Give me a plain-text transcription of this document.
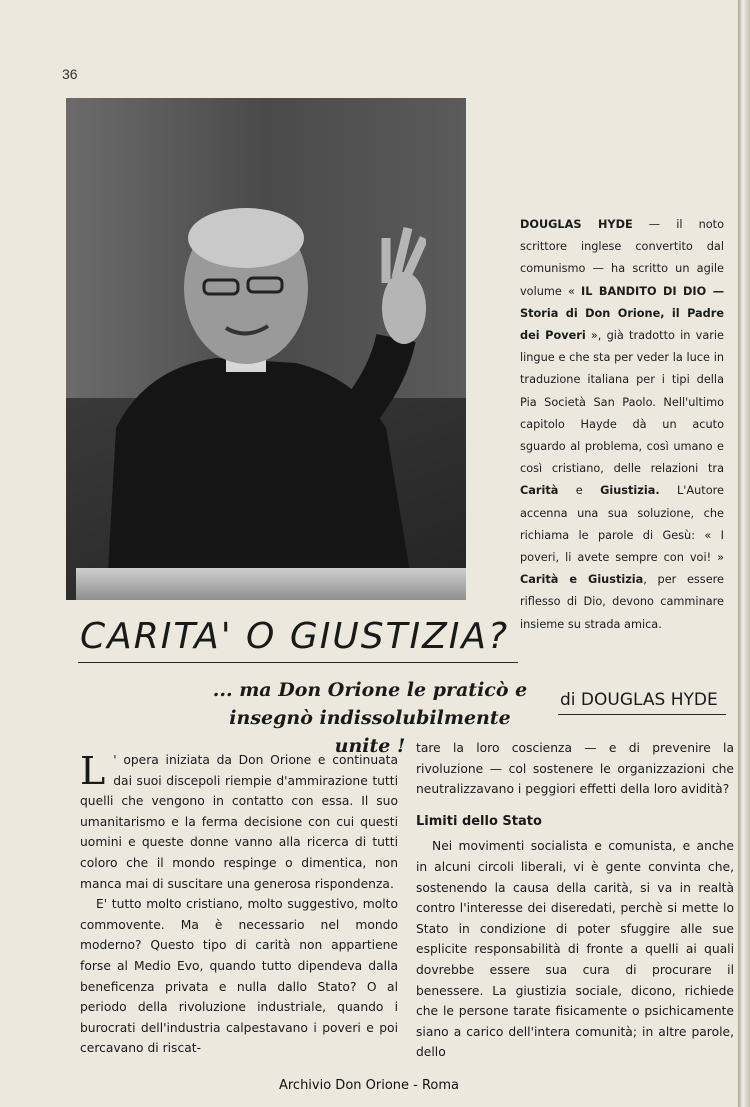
36
DOUGLAS HYDE — il noto scrittore inglese convertito dal comunismo — ha scritto un agile volume « IL BANDITO DI DIO — Storia di Don Orione, il Padre dei Poveri », già tradotto in varie lingue e che sta per veder la luce in traduzione italiana per i tipi della Pia Società San Paolo. Nell'ultimo capitolo Hayde dà un acuto sguardo al problema, così umano e così cristiano, delle relazioni tra Carità e Giustizia. L'Autore accenna una sua soluzione, che richiama le parole di Gesù: « I poveri, li avete sempre con voi! » Carità e Giustizia, per essere riflesso di Dio, devono camminare insieme su strada amica.
CARITA' O GIUSTIZIA?

... ma Don Orione le praticò e insegnò indissolubilmente unite !

di DOUGLAS HYDE

L ' opera iniziata da Don Orione e continuata dai suoi discepoli riempie d'ammirazione tutti quelli che vengono in contatto con essa. Il suo umanitarismo e la ferma decisione con cui questi uomini e queste donne vanno alla ricerca di tutti coloro che il mondo respinge o dimentica, non manca mai di suscitare una generosa rispondenza.

E' tutto molto cristiano, molto suggestivo, molto commovente. Ma è necessario nel mondo moderno? Questo tipo di carità non appartiene forse al Medio Evo, quando tutto dipendeva dalla beneficenza privata e nulla dallo Stato? O al periodo della rivoluzione industriale, quando i burocrati dell'industria calpestavano i poveri e poi cercavano di riscat-

tare la loro coscienza — e di prevenire la rivoluzione — col sostenere le organizzazioni che neutralizzavano i peggiori effetti della loro avidità?

Limiti dello Stato

Nei movimenti socialista e comunista, e anche in alcuni circoli liberali, vi è gente convinta che, sostenendo la causa della carità, si va in realtà contro l'interesse dei diseredati, perchè si mette lo Stato in condizione di poter sfuggire alle sue esplicite responsabilità di fronte a quelli ai quali dovrebbe essere sua cura di procurare il benessere. La giustizia sociale, dicono, richiede che le persone tarate fisicamente o psichicamente siano a carico dell'intera comunità; in altre parole, dello

Archivio Don Orione - Roma
